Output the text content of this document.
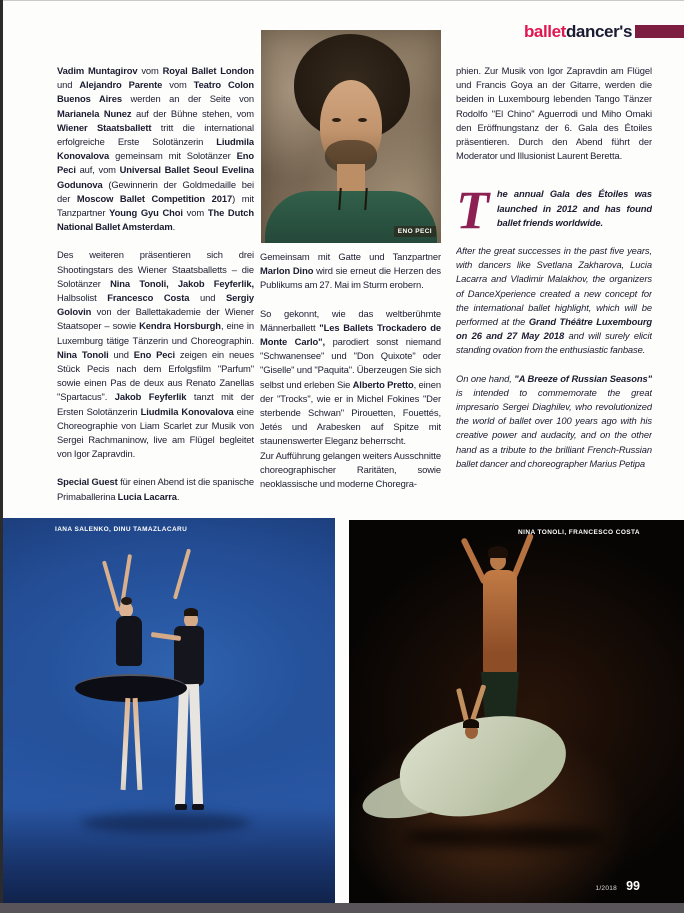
balletdancer's
ENO PECI

Vadim Muntagirov vom Royal Ballet London und Alejandro Parente vom Teatro Colon Buenos Aires werden an der Seite von Marianela Nunez auf der Bühne stehen, vom Wiener Staatsballett tritt die international erfolgreiche Erste Solotänzerin Liudmila Konovalova gemeinsam mit Solotänzer Eno Peci auf, vom Universal Ballet Seoul Evelina Godunova (Gewinnerin der Goldmedaille bei der Moscow Ballet Competition 2017) mit Tanzpartner Young Gyu Choi vom The Dutch National Ballet Amsterdam.

Des weiteren präsentieren sich drei Shootingstars des Wiener Staatsballetts – die Solotänzer Nina Tonoli, Jakob Feyferlik, Halbsolist Francesco Costa und Sergiy Golovin von der Ballettakademie der Wiener Staatsoper – sowie Kendra Horsburgh, eine in Luxemburg tätige Tänzerin und Choreographin. Nina Tonoli und Eno Peci zeigen ein neues Stück Pecis nach dem Erfolgsfilm "Parfum" sowie einen Pas de deux aus Renato Zanellas "Spartacus". Jakob Feyferlik tanzt mit der Ersten Solotänzerin Liudmila Konovalova eine Choreographie von Liam Scarlet zur Musik von Sergei Rachmaninow, live am Flügel begleitet von Igor Zapravdin.

Special Guest für einen Abend ist die spanische Primaballerina Lucia Lacarra.

Gemeinsam mit Gatte und Tanzpartner Marlon Dino wird sie erneut die Herzen des Publikums am 27. Mai im Sturm erobern.

So gekonnt, wie das weltberühmte Männerballett "Les Ballets Trockadero de Monte Carlo", parodiert sonst niemand "Schwanensee" und "Don Quixote" oder "Giselle" und "Paquita". Überzeugen Sie sich selbst und erleben Sie Alberto Pretto, einen der "Trocks", wie er in Michel Fokines "Der sterbende Schwan" Pirouetten, Fouettés, Jetés und Arabesken auf Spitze mit staunenswerter Eleganz beherrscht.

Zur Aufführung gelangen weiters Ausschnitte choreographischer Raritäten, sowie neoklassische und moderne Choregra-

phien. Zur Musik von Igor Zapravdin am Flügel und Francis Goya an der Gitarre, werden die beiden in Luxembourg lebenden Tango Tänzer Rodolfo "El Chino" Aguerrodi und Miho Omaki den Eröffnungstanz der 6. Gala des Étoiles präsentieren. Durch den Abend führt der Moderator und Illusionist Laurent Beretta.

The annual Gala des Étoiles was launched in 2012 and has found ballet friends worldwide.

After the great successes in the past five years, with dancers like Svetlana Zakharova, Lucia Lacarra and Vladimir Malakhov, the organizers of DanceXperience created a new concept for the international ballet highlight, which will be performed at the Grand Théâtre Luxembourg on 26 and 27 May 2018 and will surely elicit standing ovation from the enthusiastic fanbase.

On one hand, "A Breeze of Russian Seasons" is intended to commemorate the great impresario Sergei Diaghilev, who revolutionized the world of ballet over 100 years ago with his creative power and audacity, and on the other hand as a tribute to the brilliant French-Russian ballet dancer and choreographer Marius Petipa

IANA SALENKO, DINU TAMAZLACARU	NINA TONOLI, FRANCESCO COSTA
1/2018 99
